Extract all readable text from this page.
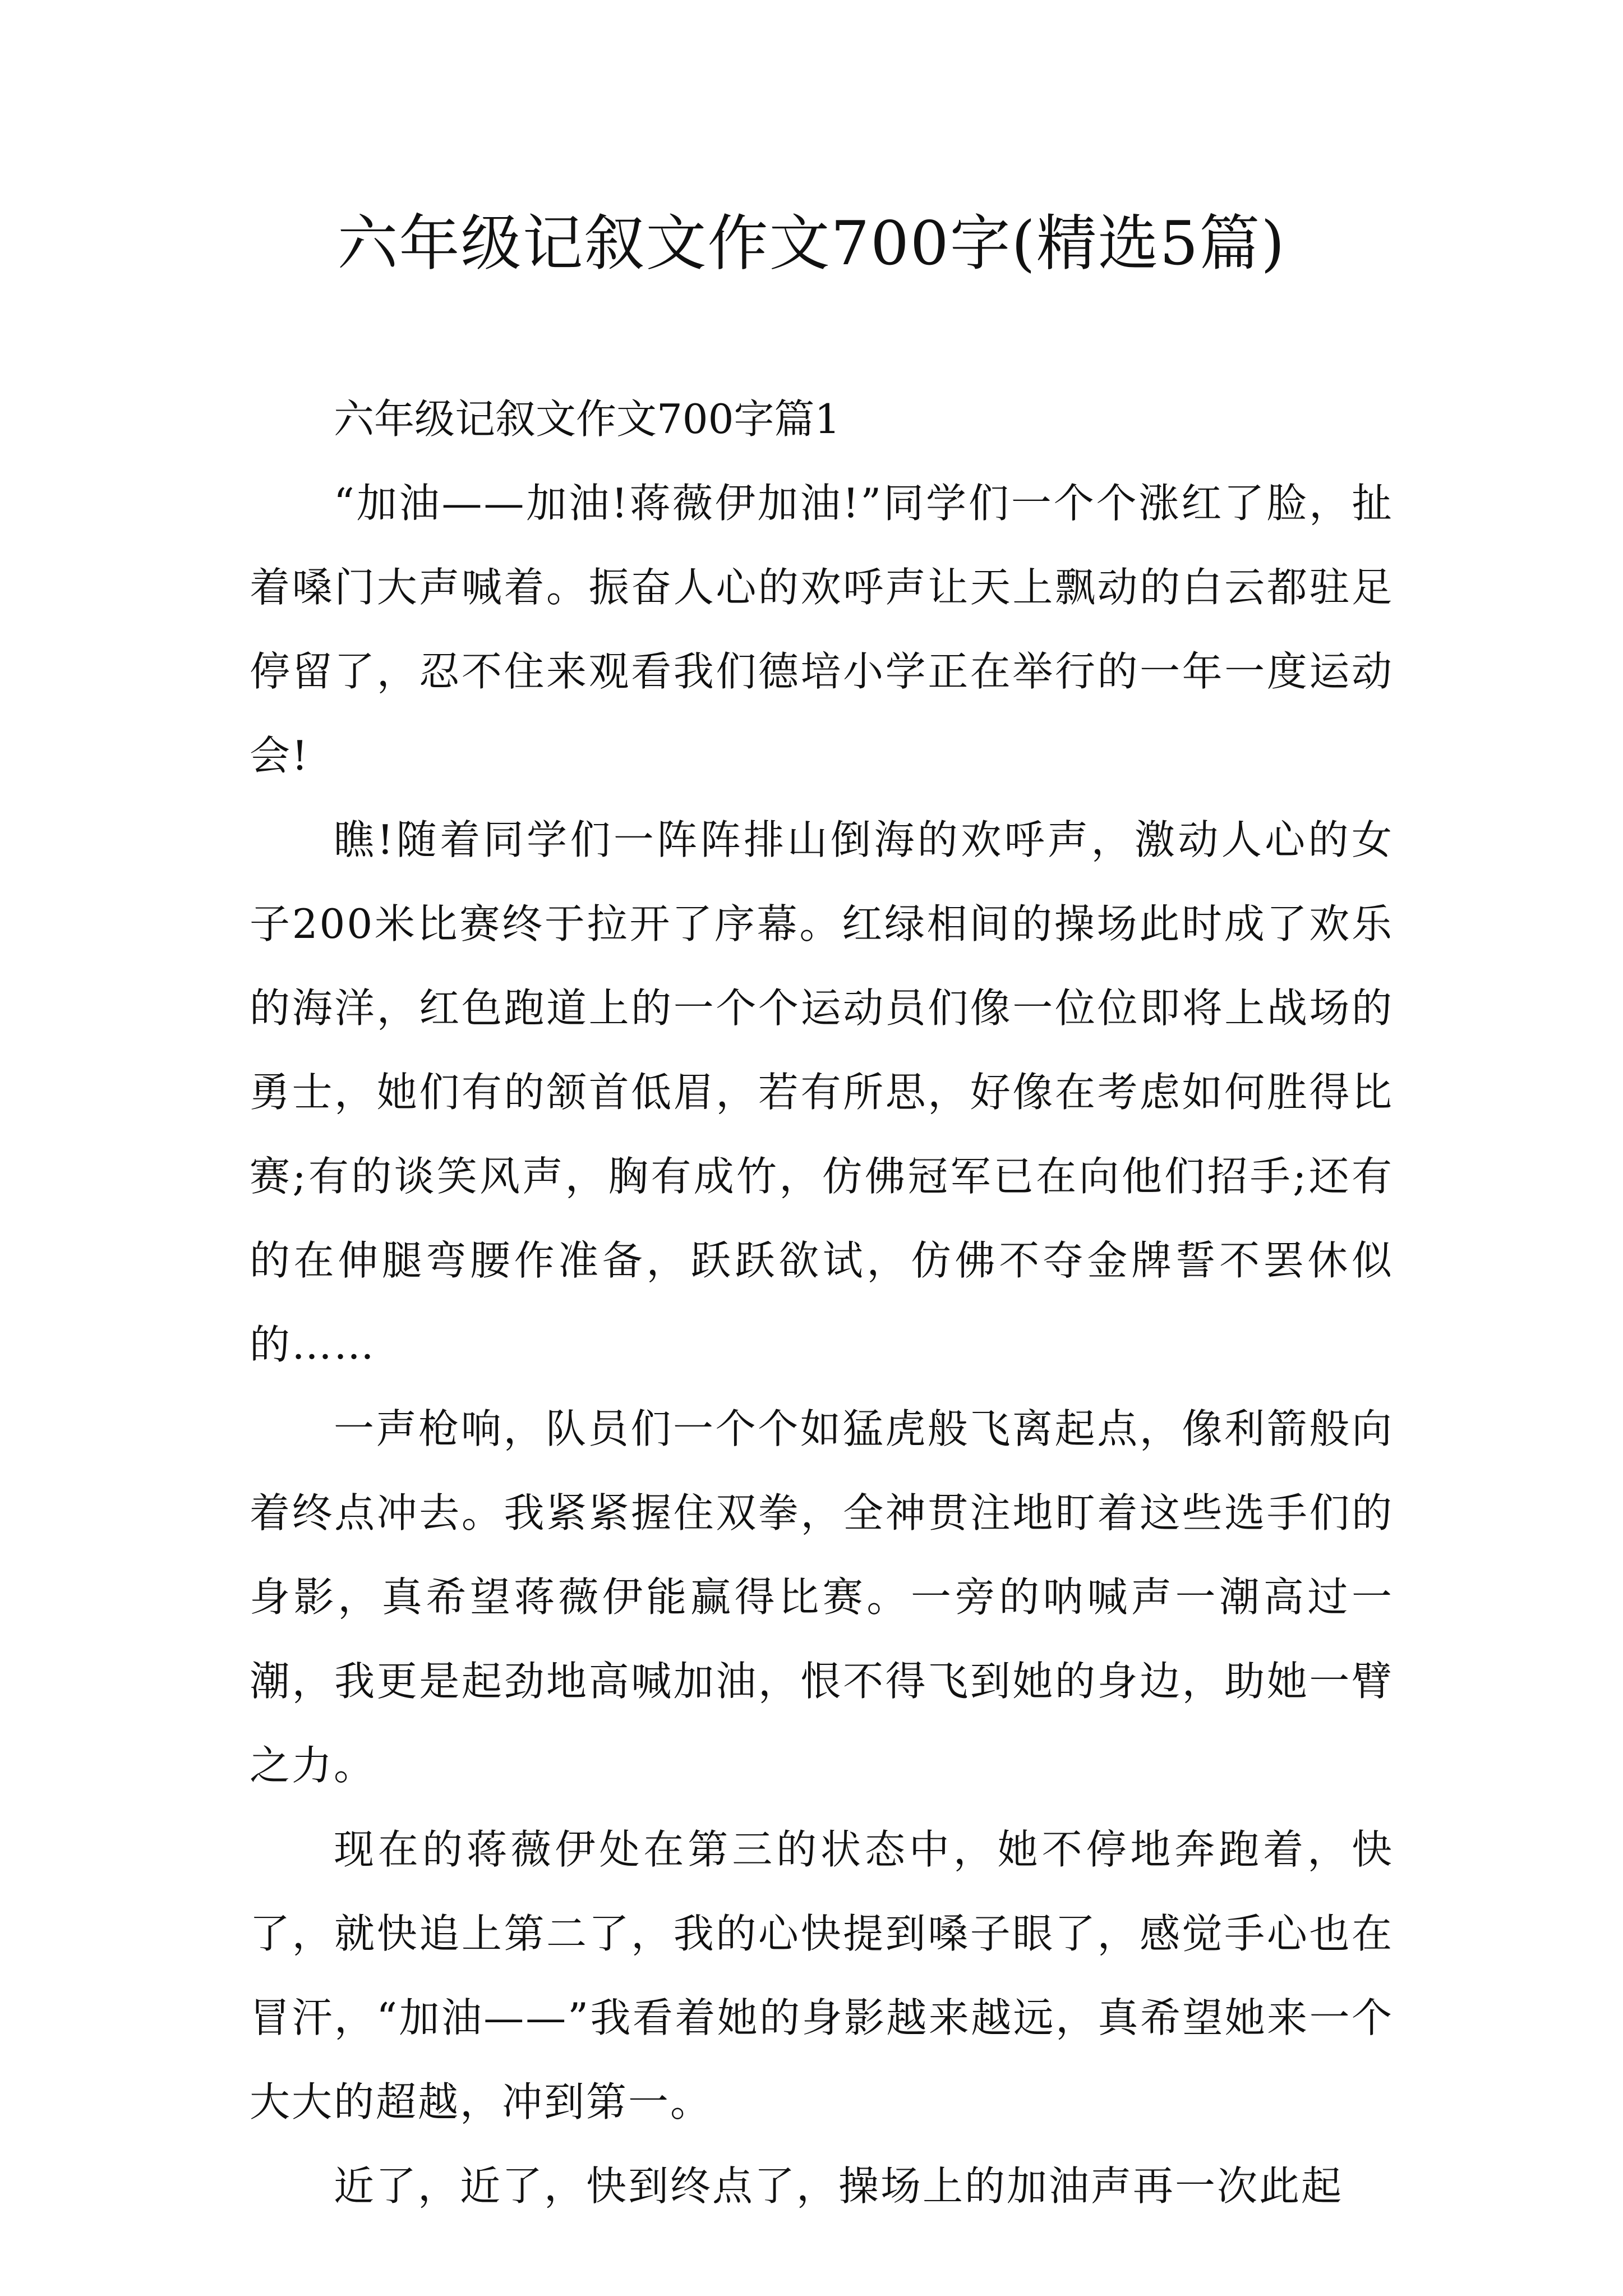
六年级记叙文作文700字(精选5篇)

六年级记叙文作文700字篇1

“加油——加油!蒋薇伊加油!”同学们一个个涨红了脸，扯着嗓门大声喊着。振奋人心的欢呼声让天上飘动的白云都驻足停留了，忍不住来观看我们德培小学正在举行的一年一度运动会!

瞧!随着同学们一阵阵排山倒海的欢呼声，激动人心的女子200米比赛终于拉开了序幕。红绿相间的操场此时成了欢乐的海洋，红色跑道上的一个个运动员们像一位位即将上战场的勇士，她们有的颔首低眉，若有所思，好像在考虑如何胜得比赛;有的谈笑风声，胸有成竹，仿佛冠军已在向他们招手;还有的在伸腿弯腰作准备，跃跃欲试，仿佛不夺金牌誓不罢休似的……

一声枪响，队员们一个个如猛虎般飞离起点，像利箭般向着终点冲去。我紧紧握住双拳，全神贯注地盯着这些选手们的身影，真希望蒋薇伊能赢得比赛。一旁的呐喊声一潮高过一潮，我更是起劲地高喊加油，恨不得飞到她的身边，助她一臂之力。

现在的蒋薇伊处在第三的状态中，她不停地奔跑着，快了，就快追上第二了，我的心快提到嗓子眼了，感觉手心也在冒汗，“加油——”我看着她的身影越来越远，真希望她来一个大大的超越，冲到第一。

近了，近了，快到终点了，操场上的加油声再一次此起
